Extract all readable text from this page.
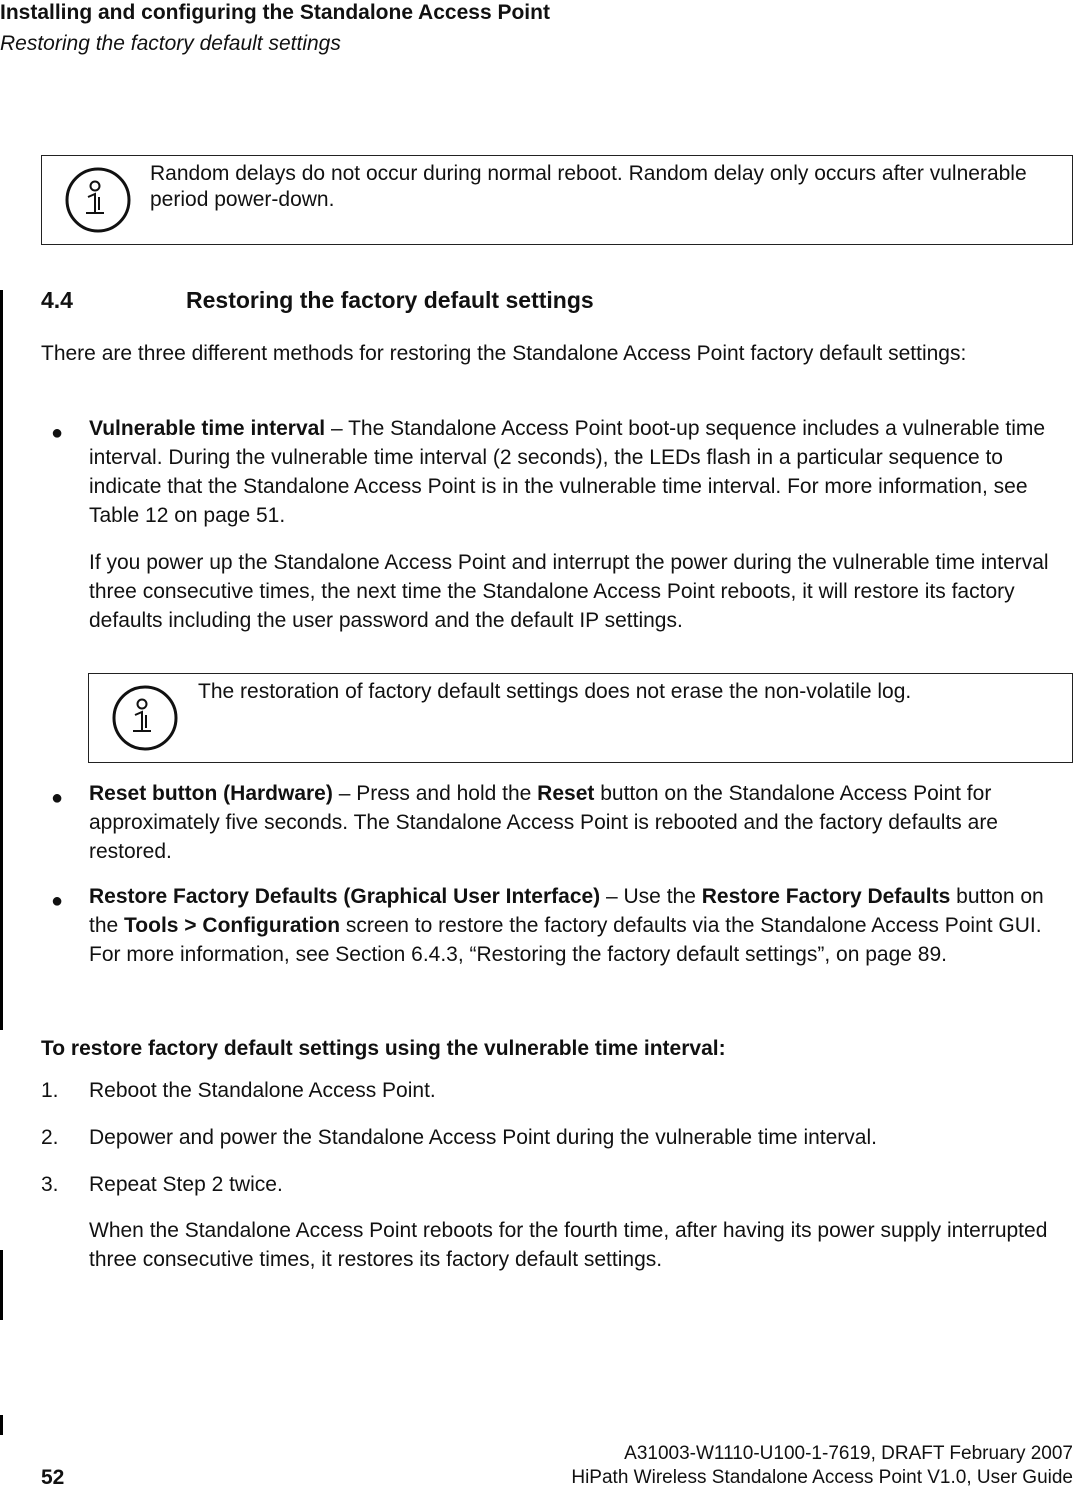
Installing and configuring the Standalone Access Point
Restoring the factory default settings
Random delays do not occur during normal reboot. Random delay only occurs after vulnerable period power-down.
4.4	Restoring the factory default settings
There are three different methods for restoring the Standalone Access Point factory default settings:
● Vulnerable time interval – The Standalone Access Point boot-up sequence includes a vulnerable time interval. During the vulnerable time interval (2 seconds), the LEDs flash in a particular sequence to indicate that the Standalone Access Point is in the vulnerable time interval. For more information, see Table 12 on page 51.
If you power up the Standalone Access Point and interrupt the power during the vulnerable time interval three consecutive times, the next time the Standalone Access Point reboots, it will restore its factory defaults including the user password and the default IP settings.
The restoration of factory default settings does not erase the non-volatile log.
● Reset button (Hardware) – Press and hold the Reset button on the Standalone Access Point for approximately five seconds. The Standalone Access Point is rebooted and the factory defaults are restored.
● Restore Factory Defaults (Graphical User Interface) – Use the Restore Factory Defaults button on the Tools > Configuration screen to restore the factory defaults via the Standalone Access Point GUI. For more information, see Section 6.4.3, “Restoring the factory default settings”, on page 89.
To restore factory default settings using the vulnerable time interval:
1. Reboot the Standalone Access Point.
2. Depower and power the Standalone Access Point during the vulnerable time interval.
3. Repeat Step 2 twice.
When the Standalone Access Point reboots for the fourth time, after having its power supply interrupted three consecutive times, it restores its factory default settings.
52
A31003-W1110-U100-1-7619, DRAFT February 2007
HiPath Wireless Standalone Access Point V1.0, User Guide
